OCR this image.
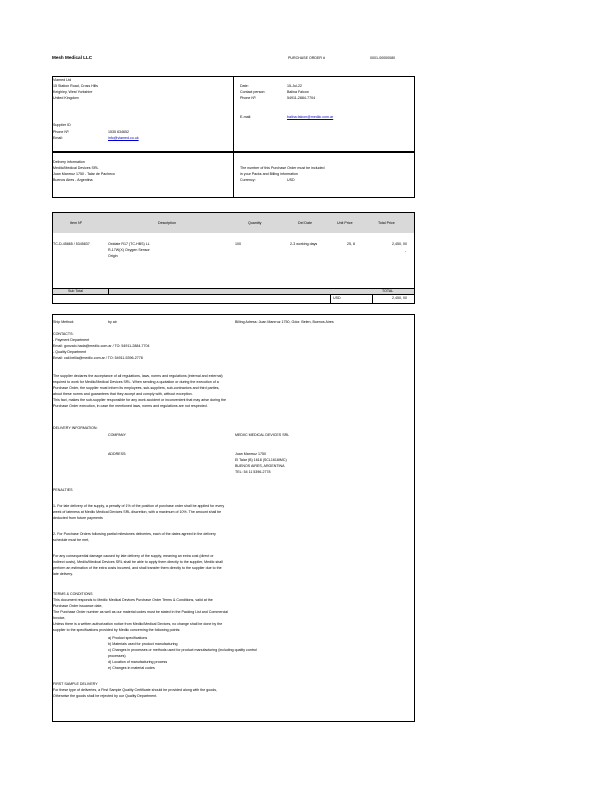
Mesh Medical LLC	PURCHASE ORDER #	0001-00000080
Viamed Ltd
15 Station Road, Cross Hills
Keighley, West Yorkshire
United Kingdom
Supplier ID
Phone Nº:	1535 634652
Email:	info@viamed.co.uk
Date:	15-Jul-22
Contact person:	Balina Falcon
Phone Nº:	54911-2884-7704
E-mail:	balina.falcon@mediic.com.ar
Delivery information
Mediic/Medical Devices SRL
Juan Manrruz 1750 - Talar de Pacheco
Buenos Aires - Argentina
The number of this Purchase Order must be included
in your Packs and Billing information
Currency:	USD
Item Nº	Description	Quantity	Del Date	Unit Price	Total Price
TC-D-45865 / 5345837	Oxidate R17 (TC-HBS) LL
R-17W(X) Oxygen Sensor
Origin
100	2-3 working days	25, 8	2,450, 00
-
Sub Total	TOTAL
USD	2,450, 00
Ship Method:	by air	Billing Adress: Juan Manrruz 1750, Gdor. Belen, Buenos Aires
CONTACTS:
- Payment Department
Email: gonzalo.hada@mediic.com.ar / TO: 54911-2884-7704
- Quality Department
Email: cali.bellia@mediic.com.ar / TO: 54911-5396-2778
The supplier declares the acceptance of all regulations, laws, norms and regulations (internal and external)
required to work for Mediic/Medical Devices SRL. When sending a quotation or during the execution of a
Purchase Order, the supplier must inform its employees, sub-suppliers, sub-contractors and third parties,
about these norms and guarantees that they accept and comply with, without exception.
This fact, makes the sub-supplier responsible for any work accident or inconvenient that may arise during the
Purchase Order execution, in case the mentioned laws, norms and regulations are not respected.
DELIVERY INFORMATION:
COMPANY	MEDIIC MEDICAL DEVICES SRL
ADDRESS:	Juan Manrruz 1750
El Talar (B) 1618 (SCL1618IMC)
BUENOS AIRES, ARGENTINA
TEL: 54 11 5396-2778
PENALTIES
1- For late delivery of the supply, a penalty of 1% of the position of purchase order shall be applied for every
week of lateness at Mediic Medical Devices SRL discretion, with a maximum of 10%. The amount shall be
deducted from future payments
2- For Purchase Orders following partial milestones deliveries, each of the dates agreed in the delivery
schedule must be met,
For any consequential damage caused by late delivery of the supply, meaning an extra cost (direct or
indirect costs), Mediic/Medical Devices SRL shall be able to apply them directly to the supplier, Mediic shall
perform an estimation of the extra costs incurred, and shall transfer them directly to the supplier due to the
late delivery.
TERMS & CONDITIONS
This document responds to Mediic Medical Devices Purchase Order Terms & Conditions, valid at the
Purchase Order issuance date,
The Purchase Order number as well as our material codes must be stated in the Packing List and Commercial
Invoice,
Unless there is a written authorization notice from Mediic/Medical Devices, no change shall be done by the
supplier to the specifications provided by Mediic concerning the following points:
a) Product specifications
b) Materials used for product manufacturing
c) Changes in processes or methods used for product manufacturing (including quality control
processes)
d) Location of manufacturing process
e) Changes in material codes
FIRST SAMPLE DELIVERY
For these type of deliveries, a First Sample Quality Certificate should be provided along with the goods,
Otherwise the goods shall be rejected by our Quality Department.
